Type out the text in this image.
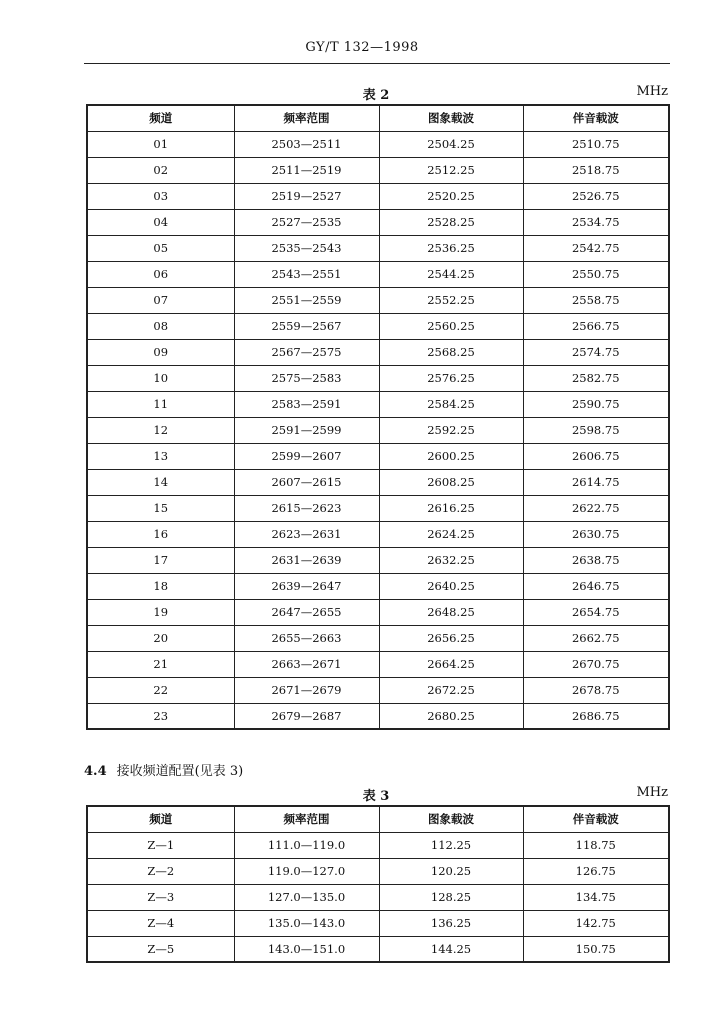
GY/T 132—1998
表 2	MHz
频道	频率范围	图象载波	伴音载波
01	2503—2511	2504.25	2510.75
02	2511—2519	2512.25	2518.75
03	2519—2527	2520.25	2526.75
04	2527—2535	2528.25	2534.75
05	2535—2543	2536.25	2542.75
06	2543—2551	2544.25	2550.75
07	2551—2559	2552.25	2558.75
08	2559—2567	2560.25	2566.75
09	2567—2575	2568.25	2574.75
10	2575—2583	2576.25	2582.75
11	2583—2591	2584.25	2590.75
12	2591—2599	2592.25	2598.75
13	2599—2607	2600.25	2606.75
14	2607—2615	2608.25	2614.75
15	2615—2623	2616.25	2622.75
16	2623—2631	2624.25	2630.75
17	2631—2639	2632.25	2638.75
18	2639—2647	2640.25	2646.75
19	2647—2655	2648.25	2654.75
20	2655—2663	2656.25	2662.75
21	2663—2671	2664.25	2670.75
22	2671—2679	2672.25	2678.75
23	2679—2687	2680.25	2686.75
4.4 接收频道配置(见表 3)
表 3	MHz
频道	频率范围	图象载波	伴音载波
Z—1	111.0—119.0	112.25	118.75
Z—2	119.0—127.0	120.25	126.75
Z—3	127.0—135.0	128.25	134.75
Z—4	135.0—143.0	136.25	142.75
Z—5	143.0—151.0	144.25	150.75
